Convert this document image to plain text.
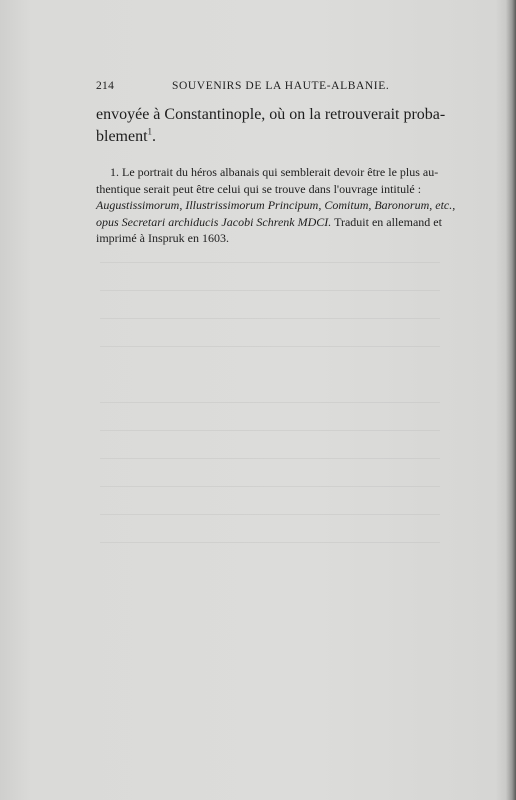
214	SOUVENIRS DE LA HAUTE-ALBANIE.
envoyée à Constantinople, où on la retrouverait proba-
blement$^1$.
1. Le portrait du héros albanais qui semblerait devoir être le plus au-
thentique serait peut être celui qui se trouve dans l'ouvrage intitulé :
Augustissimorum, Illustrissimorum Principum, Comitum, Baronorum, etc.,
opus Secretari archiducis Jacobi Schrenk MDCI. Traduit en allemand et
imprimé à Inspruk en 1603.
